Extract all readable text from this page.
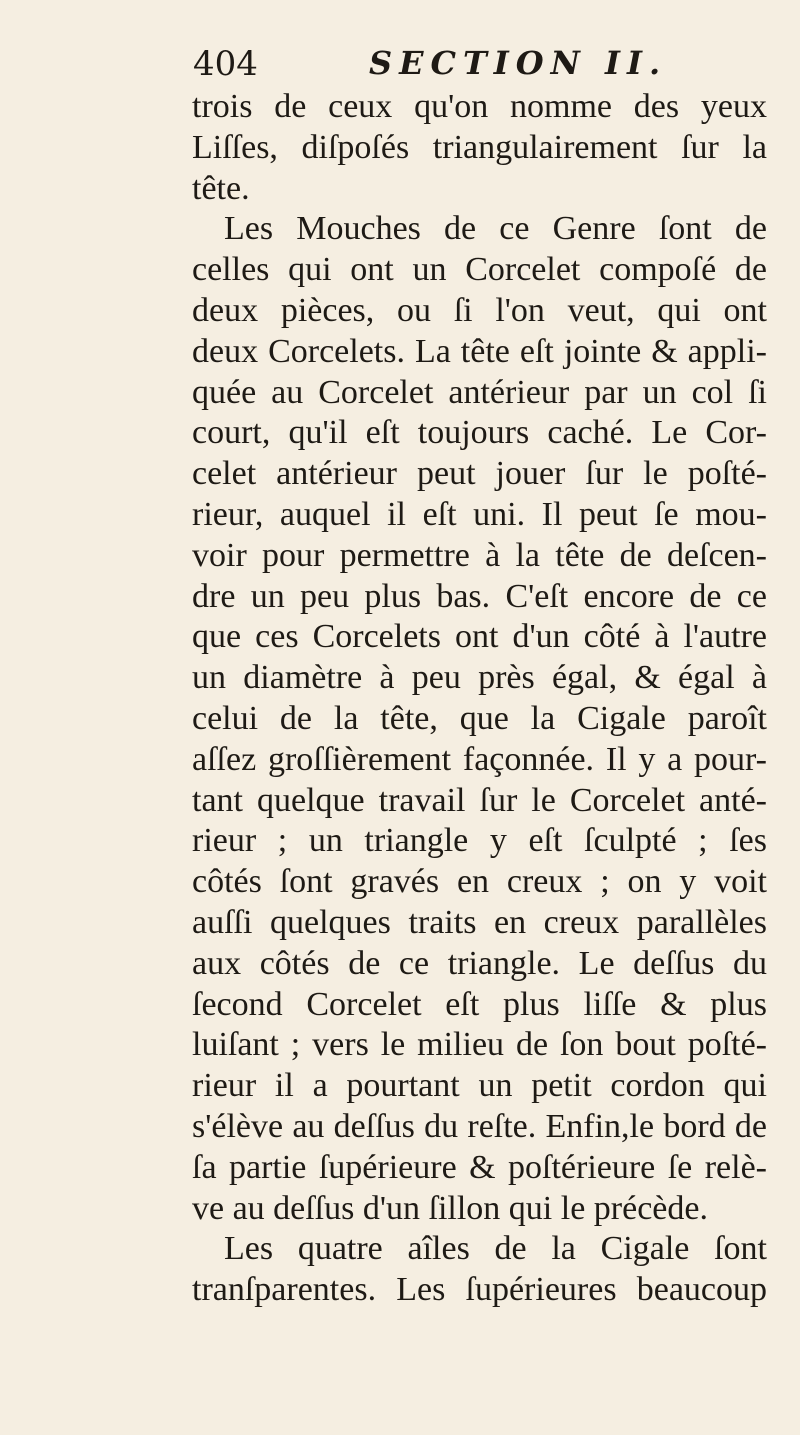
404	SECTION II.
trois de ceux qu'on nomme des yeux
Liſſes, diſpoſés triangulairement ſur la
tête.
Les Mouches de ce Genre ſont de
celles qui ont un Corcelet compoſé de
deux pièces, ou ſi l'on veut, qui ont
deux Corcelets. La tête eſt jointe & appli-
quée au Corcelet antérieur par un col ſi
court, qu'il eſt toujours caché. Le Cor-
celet antérieur peut jouer ſur le poſté-
rieur, auquel il eſt uni. Il peut ſe mou-
voir pour permettre à la tête de deſcen-
dre un peu plus bas. C'eſt encore de ce
que ces Corcelets ont d'un côté à l'autre
un diamètre à peu près égal, & égal à
celui de la tête, que la Cigale paroît
aſſez groſſièrement façonnée. Il y a pour-
tant quelque travail ſur le Corcelet anté-
rieur ; un triangle y eſt ſculpté ; ſes
côtés ſont gravés en creux ; on y voit
auſſi quelques traits en creux parallèles
aux côtés de ce triangle. Le deſſus du
ſecond Corcelet eſt plus liſſe & plus
luiſant ; vers le milieu de ſon bout poſté-
rieur il a pourtant un petit cordon qui
s'élève au deſſus du reſte. Enfin,le bord de
ſa partie ſupérieure & poſtérieure ſe relè-
ve au deſſus d'un ſillon qui le précède.
Les quatre aîles de la Cigale ſont
tranſparentes. Les ſupérieures beaucoup
